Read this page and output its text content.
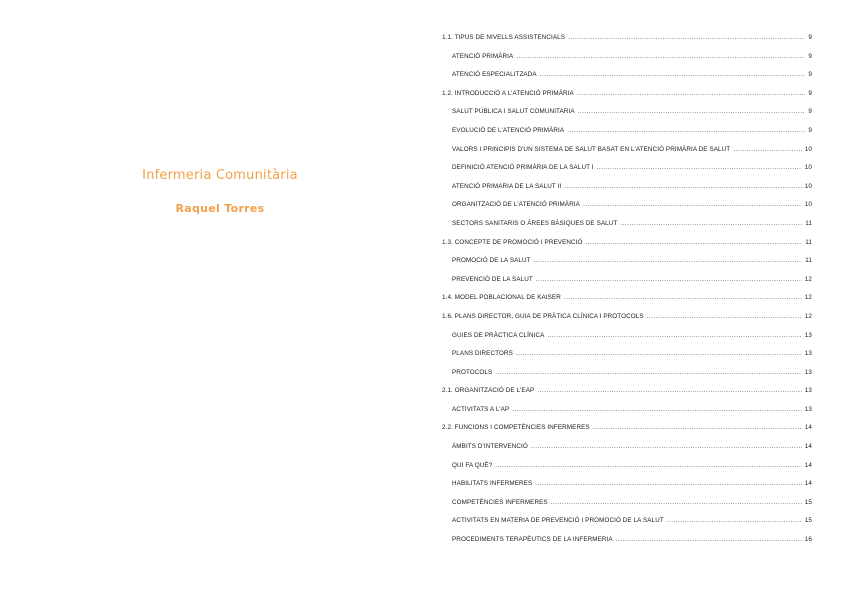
Infermeria Comunitària
Raquel Torres
1.1. TIPUS DE NIVELLS ASSISTENCIALS .....	9
ATENCIÓ PRIMÀRIA .....	9
ATENCIÓ ESPECIALITZADA .....	9
1.2. INTRODUCCIÓ A L'ATENCIÓ PRIMÀRIA .....	9
SALUT PÚBLICA I SALUT COMUNITARIA .....	9
EVOLUCIÓ DE L'ATENCIÓ PRIMÀRIA .....	9
VALORS I PRINCIPIS D'UN SISTEMA DE SALUT BASAT EN L'ATENCIÓ PRIMÀRIA DE SALUT .....	10
DEFINICIÓ ATENCIÓ PRIMÀRIA DE LA SALUT I .....	10
ATENCIÓ PRIMARIA DE LA SALUT II .....	10
ORGANITZACIÓ DE L'ATENCIÓ PRIMÀRIA .....	10
SECTORS SANITARIS O ÀREES BÀSIQUES DE SALUT .....	11
1.3. CONCEPTE DE PROMOCIÓ I PREVENCIÓ .....	11
PROMOCIÓ DE LA SALUT .....	11
PREVENCIÓ DE LA SALUT .....	12
1.4. MODEL POBLACIONAL DE KAISER .....	12
1.6. PLANS DIRECTOR, GUIA DE PRÀTICA CLÍNICA I PROTOCOLS .....	12
GUIES DE PRÀCTICA CLÍNICA .....	13
PLANS DIRECTORS .....	13
PROTOCOLS .....	13
2.1. ORGANITZACIÓ DE L'EAP .....	13
ACTIVITATS A L'AP .....	13
2.2. FUNCIONS I COMPETÈNCIES INFERMERES .....	14
ÀMBITS D'INTERVENCIÓ .....	14
QUI FA QUÈ? .....	14
HABILITATS INFERMERES .....	14
COMPETÈNCIES INFERMERES .....	15
ACTIVITATS EN MATERIA DE PREVENCIÓ I PROMOCIÓ DE LA SALUT .....	15
PROCEDIMENTS TERAPÈUTICS DE LA INFERMERIA .....	16
